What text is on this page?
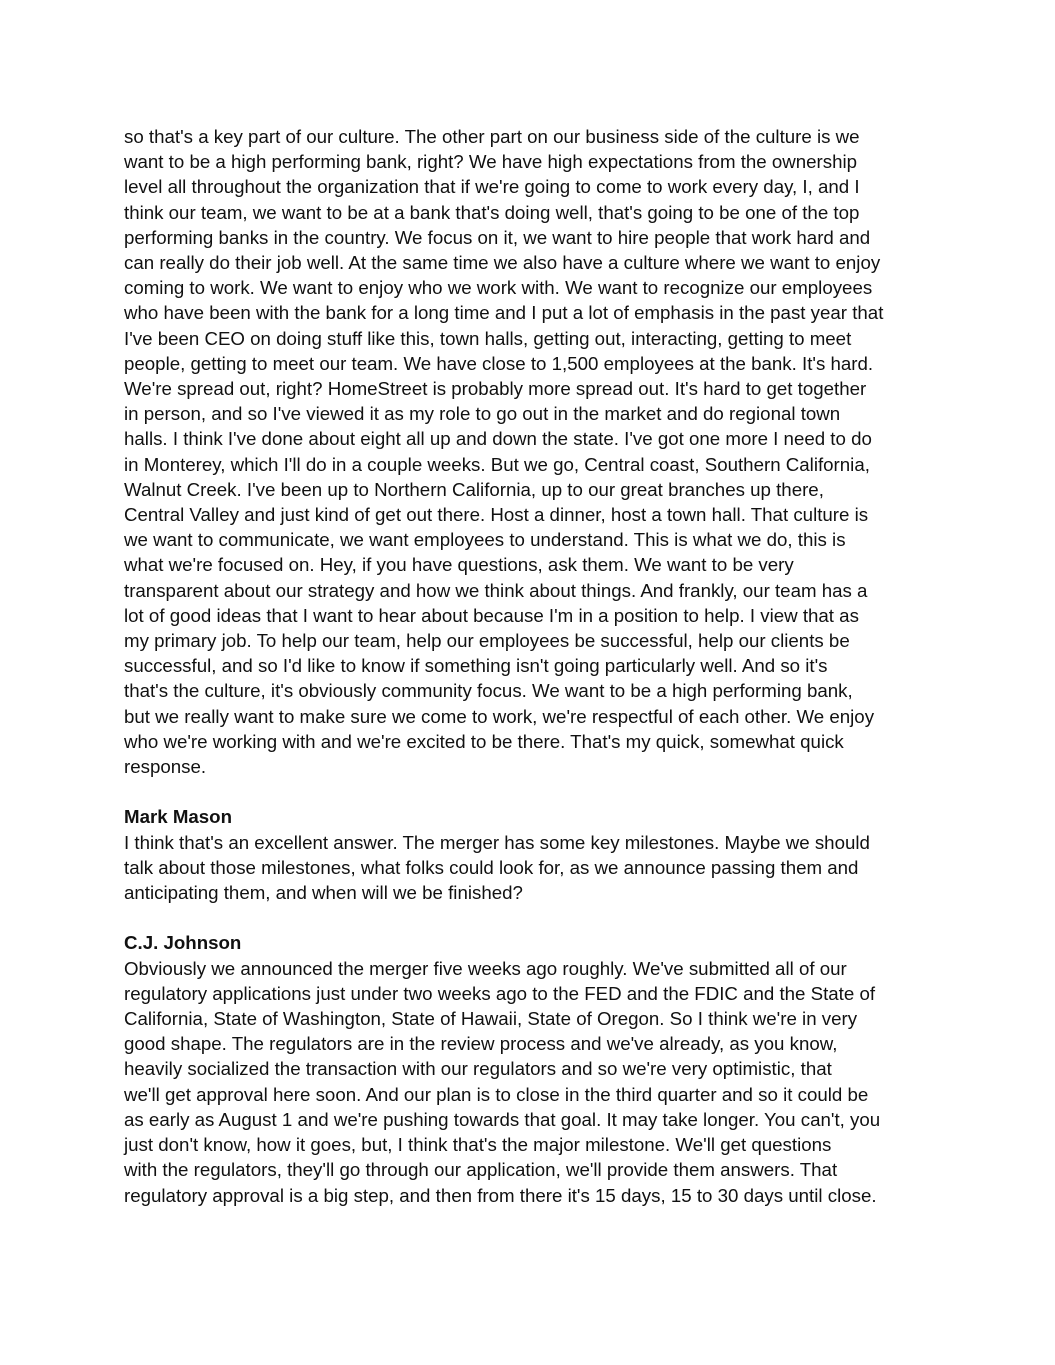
so that's a key part of our culture. The other part on our business side of the culture is we
want to be a high performing bank, right? We have high expectations from the ownership
level all throughout the organization that if we're going to come to work every day, I, and I
think our team, we want to be at a bank that's doing well, that's going to be one of the top
performing banks in the country. We focus on it, we want to hire people that work hard and
can really do their job well. At the same time we also have a culture where we want to enjoy
coming to work. We want to enjoy who we work with. We want to recognize our employees
who have been with the bank for a long time and I put a lot of emphasis in the past year that
I've been CEO on doing stuff like this, town halls, getting out, interacting, getting to meet
people, getting to meet our team. We have close to 1,500 employees at the bank. It's hard.
We're spread out, right? HomeStreet is probably more spread out. It's hard to get together
in person, and so I've viewed it as my role to go out in the market and do regional town
halls. I think I've done about eight all up and down the state. I've got one more I need to do
in Monterey, which I'll do in a couple weeks. But we go, Central coast, Southern California,
Walnut Creek. I've been up to Northern California, up to our great branches up there,
Central Valley and just kind of get out there. Host a dinner, host a town hall. That culture is
we want to communicate, we want employees to understand. This is what we do, this is
what we're focused on. Hey, if you have questions, ask them. We want to be very
transparent about our strategy and how we think about things. And frankly, our team has a
lot of good ideas that I want to hear about because I'm in a position to help. I view that as
my primary job. To help our team, help our employees be successful, help our clients be
successful, and so I'd like to know if something isn't going particularly well. And so it's
that's the culture, it's obviously community focus. We want to be a high performing bank,
but we really want to make sure we come to work, we're respectful of each other. We enjoy
who we're working with and we're excited to be there. That's my quick, somewhat quick
response.

Mark Mason

I think that's an excellent answer. The merger has some key milestones. Maybe we should
talk about those milestones, what folks could look for, as we announce passing them and
anticipating them, and when will we be finished?

C.J. Johnson

Obviously we announced the merger five weeks ago roughly. We've submitted all of our
regulatory applications just under two weeks ago to the FED and the FDIC and the State of
California, State of Washington, State of Hawaii, State of Oregon. So I think we're in very
good shape. The regulators are in the review process and we've already, as you know,
heavily socialized the transaction with our regulators and so we're very optimistic, that
we'll get approval here soon. And our plan is to close in the third quarter and so it could be
as early as August 1 and we're pushing towards that goal. It may take longer. You can't, you
just don't know, how it goes, but, I think that's the major milestone. We'll get questions
with the regulators, they'll go through our application, we'll provide them answers. That
regulatory approval is a big step, and then from there it's 15 days, 15 to 30 days until close.
